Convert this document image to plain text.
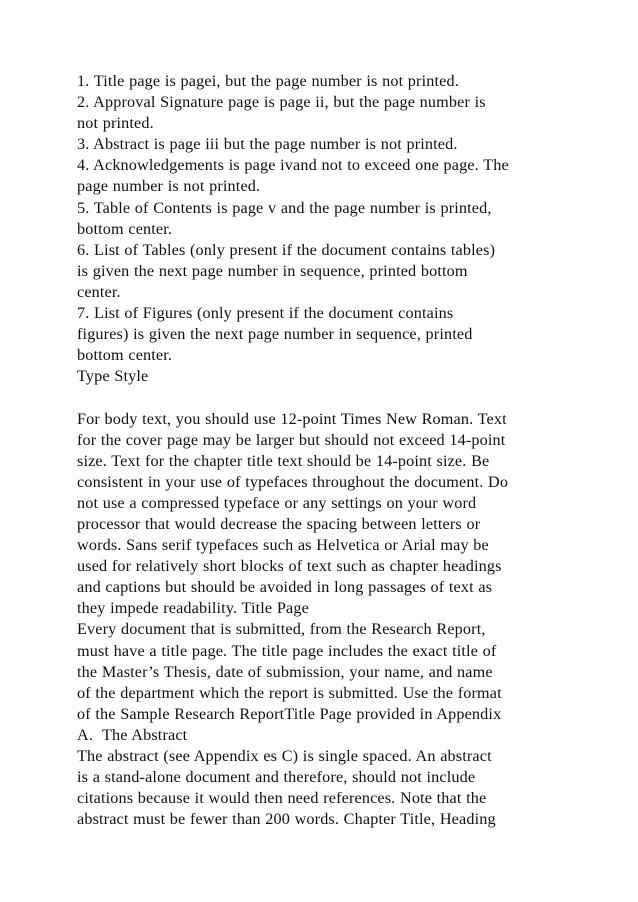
1. Title page is pagei, but the page number is not printed.
2. Approval Signature page is page ii, but the page number is
not printed.
3. Abstract is page iii but the page number is not printed.
4. Acknowledgements is page ivand not to exceed one page. The
page number is not printed.
5. Table of Contents is page v and the page number is printed,
bottom center.
6. List of Tables (only present if the document contains tables)
is given the next page number in sequence, printed bottom
center.
7. List of Figures (only present if the document contains
figures) is given the next page number in sequence, printed
bottom center.
Type Style
For body text, you should use 12-point Times New Roman. Text
for the cover page may be larger but should not exceed 14-point
size. Text for the chapter title text should be 14-point size. Be
consistent in your use of typefaces throughout the document. Do
not use a compressed typeface or any settings on your word
processor that would decrease the spacing between letters or
words. Sans serif typefaces such as Helvetica or Arial may be
used for relatively short blocks of text such as chapter headings
and captions but should be avoided in long passages of text as
they impede readability. Title Page
Every document that is submitted, from the Research Report,
must have a title page. The title page includes the exact title of
the Master’s Thesis, date of submission, your name, and name
of the department which the report is submitted. Use the format
of the Sample Research ReportTitle Page provided in Appendix
A.  The Abstract
The abstract (see Appendix es C) is single spaced. An abstract
is a stand-alone document and therefore, should not include
citations because it would then need references. Note that the
abstract must be fewer than 200 words. Chapter Title, Heading
